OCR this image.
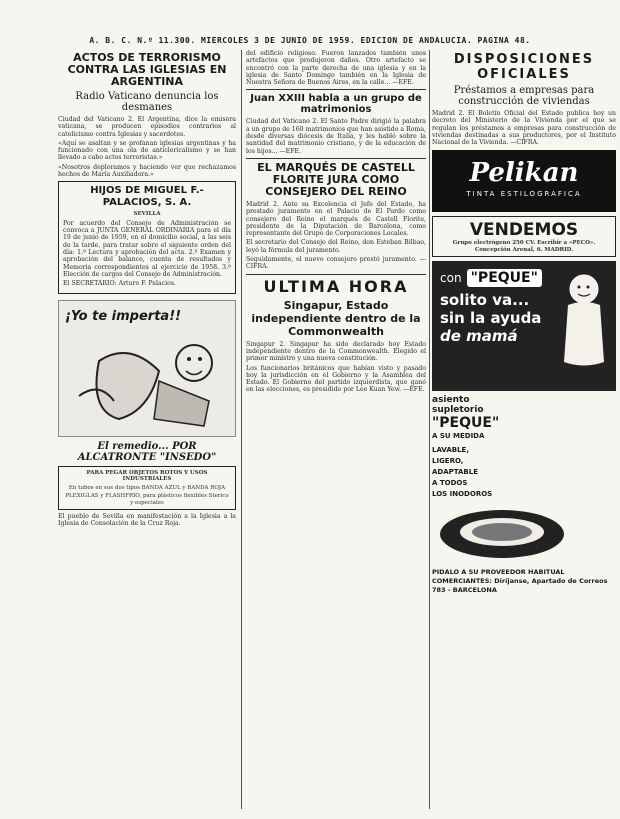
A. B. C. N.º 11.300. MIERCOLES 3 DE JUNIO DE 1959. EDICION DE ANDALUCIA. PAGINA 48.
ACTOS DE TERRORISMO CONTRA LAS IGLESIAS EN ARGENTINA
Radio Vaticano denuncia los desmanes

Ciudad del Vaticano 2. El Argentina, dice la emisora vaticana, se producen episodios contrarios al catolicismo contra Iglesias y sacerdotes.

«Aquí se asaltan y se profanan iglesias argentinas y ha funcionado con una ola de anticlericalismo y se han llevado a cabo actos terroristas.»

«Nosotros deploramos y haciendo ver que rechazamos hechos de María Auxiliadora.»

HIJOS DE MIGUEL F.-PALACIOS, S. A.
SEVILLA

Por acuerdo del Consejo de Administración se convoca a JUNTA GENERAL ORDINARIA para el día 19 de junio de 1959, en el domicilio social, a las seis de la tarde, para tratar sobre el siguiente orden del día: 1.º Lectura y aprobación del acta. 2.º Examen y aprobación del balance, cuenta de resultados y Memoria correspondientes al ejercicio de 1958. 3.º Elección de cargos del Consejo de Administración.

El SECRETARIO: Arturo F. Palacios.

¡Yo te imperta!!
El remedio... POR ALCATRONTE "INSEDO"
PARA PEGAR OBJETOS ROTOS Y USOS INDUSTRIALES
En tubos en sus dos tipos BANDA AZUL y BANDA ROJA
PLEXIGLAS y FLASHFRIO, para plásticos flexibles Sterico y especiales

El pueblo de Sevilla en manifestación a la Iglesia a la Iglesia de Consolación de la Cruz Roja.

del edificio religioso. Fueron lanzados también unos artefactos que produjeron daños. Otro artefacto se encontró con la parte derecha de una iglesia y en la iglesia de Santo Domingo también en la Iglesia de Nuestra Señora de Buenos Aires, en la calle... —EFE.

Juan XXIII habla a un grupo de matrimonios

Ciudad del Vaticano 2. El Santo Padre dirigió la palabra a un grupo de 160 matrimonios que han asistido a Roma, desde diversas diócesis de Italia, y les habló sobre la santidad del matrimonio cristiano, y de la educación de los hijos... —EFE.

EL MARQUÉS DE CASTELL FLORITE JURA COMO CONSEJERO DEL REINO

Madrid 2. Ante su Excelencia el Jefe del Estado, ha prestado juramento en el Palacio de El Pardo como consejero del Reino el marqués de Castell Florite, presidente de la Diputación de Barcelona, como representante del Grupo de Corporaciones Locales.

El secretario del Consejo del Reino, don Esteban Bilbao, leyó la fórmula del juramento.

Seguidamente, el nuevo consejero prestó juramento. —CIFRA.

ULTIMA HORA
Singapur, Estado independiente dentro de la Commonwealth

Singapur 2. Singapur ha sido declarado hoy Estado independiente dentro de la Commonwealth. Elegido el primer ministro y una nueva constitución.

Los funcionarios británicos que habían visto y pasado hoy la jurisdicción en el Gobierno y la Asamblea del Estado. El Gobierno del partido izquierdista, que ganó en las elecciones, es presidido por Lee Kuan Yew. —EFE.

DISPOSICIONES OFICIALES
Préstamos a empresas para construcción de viviendas

Madrid 2. El Boletín Oficial del Estado publica hoy un decreto del Ministerio de la Vivienda por el que se regulan los préstamos a empresas para construcción de viviendas destinadas a sus productores, por el Instituto Nacional de la Vivienda. —CIFRA.

Pelikan
TINTA ESTILOGRAFICA
VENDEMOS
Grupo electrógeno 250 CV. Escribir a «PECO». Concepción Arenal, 6. MADRID.
con "PEQUE"
solito va...
sin la ayuda
de mamá
asiento
supletorio
"PEQUE"
A SU MEDIDA
LAVABLE,
LIGERO,
ADAPTABLE
A TODOS
LOS INODOROS
PIDALO A SU PROVEEDOR HABITUAL
COMERCIANTES: Diríjanse, Apartado de Correos 783 - BARCELONA
